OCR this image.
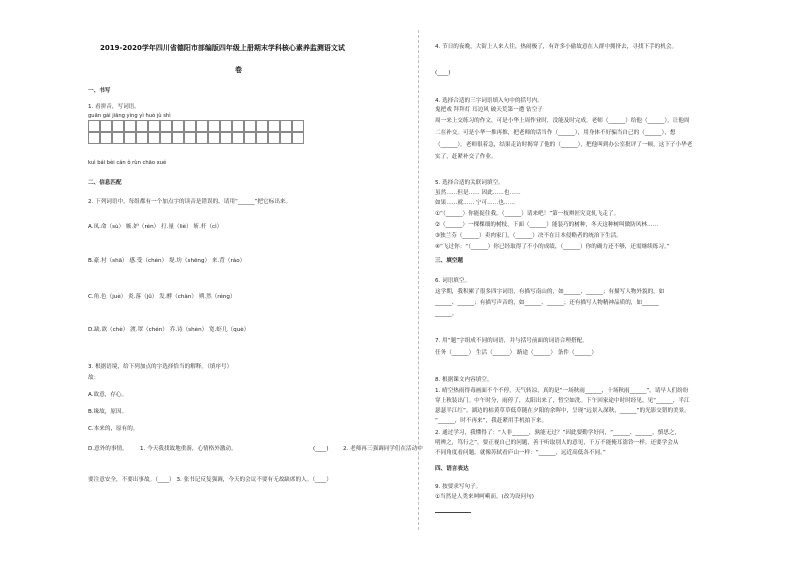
2019-2020学年四川省德阳市部编版四年级上册期末学科核心素养监测语文试
卷
一、书写
1. 看拼音，写词语。
guān gài jiāng yìng yì huò jù shì
kuì bái bèi cán ǒ rùn chāo xué
二、信息匹配
2. 下列词语中，每组都有一个加点字的读音是错误的，请用“______”把它标出来。
A.凤.命（sù） 嫉.妒（rèn） 打.量（liè） 斩.杆（cì）
B.豪.衬（shā） 感.受（chén） 堤.坊（shēng） 来.背（ráo）
C.角.色（juè） 炎.落（jǔ） 发.酵（chàn） 朔.然（réng）
D.缺.欲（chè） 渡.罩（chén） 乔.诗（shèn） 宽.虾几（què）
3. 根据语境，给下列加点的字选择恰当的解释。（填序号）
故：
A.故意，存心。
B.缘故，原因。
C.本来的，原有的。
D.意外的事情。 1. 今天我找故地重游，心情格外激动。	(____)	2. 老师再三强调同学们在活动中
要注意安全，不要出事故。（____） 3. 张书记反复强调，今天的会议不要有无故缺席的人。（____）
4. 节日的夜晚，大街上人来人往，热闹极了，有许多小偷故意在人群中拥挤去，寻找下手的机会。
(____)
4. 选择合适的三字词语填入句中的括号内。
鬼把戏 拜拜灯 耳边风 破天荒第一遭 钻空子
周一来上交练习的作文，可是小华上周作业时，没能及时完成。老师（______）给他（______），让他周
二在补交。可是小华一推再推，把老师的话当作（______），用身体不好骗当自己的（______），想
（______）。老师很着急，结果走访时揭穿了他的（______），把他叫到办公室批评了一顿，这下子小华老
实了，赶紧补交了作业。
5. 选择合适的关联词填空。
虽然……但是…… 因此……也……
如果……就…… 宁可……也……
①“（______）你能捉住我，（______）请来吧！”第一枝辫匠究竟轧飞走了。
②（______）一棵棵细的树枝，下面（______）能装巧的树种，冬天这种树叫做防风林……
③独兰芬（______）卖肉家门，（______）决不在日本侵略者的统治下生活。
④“飞过你：“（______）你已经取得了不小的成绩，（______）你的确力还不够，还需继续练习。”
三、填空题
6. 词语填空。
这学期，我积累了很多四字词语，有描写南山的，如______、______；有描写人物外貌的，如
______、______；有描写声音的，如______、______；还有描写人物精神品质的，如______
______。
7. 用“题”字组成不同的词语，并与括号前面的词语合理搭配。
任务（______） 生活（______） 路途（______） 条件（______）
8. 根据课文内容填空。
1. 晴空热雨得毒画面不个不停，天气转凉，真的是“一场秋雨______，十场秋雨______”。请早人们纷纷
穿上秋装出门。中午时分，雨停了，太阳出来了，暂空如洗。下午回家途中时时经见，见“______，半江
瑟瑟半江红”。湖边的枯黄草草低草随在夕阳的余晖中，呈现“远景入深秋，______”的光影交错的美景。
“______，时不再来”，我赶紧用手机拍下来。
2. 通过学习，我懂得了：“人非______，孰能无过？”因此要勤学好问，“______、______，慎思之，
明辨之，笃行之”。要正视自己的问题，善于听取别人的意见，千万不能掩耳盗铃一样。还要学会从
不同角度看问题，就像苏轼看庐山一样：“______，远近高低各不同。”
四、语言表达
9. 按要求写句子。
①当然是人类来呵呵嗬而。(改为设问句)
